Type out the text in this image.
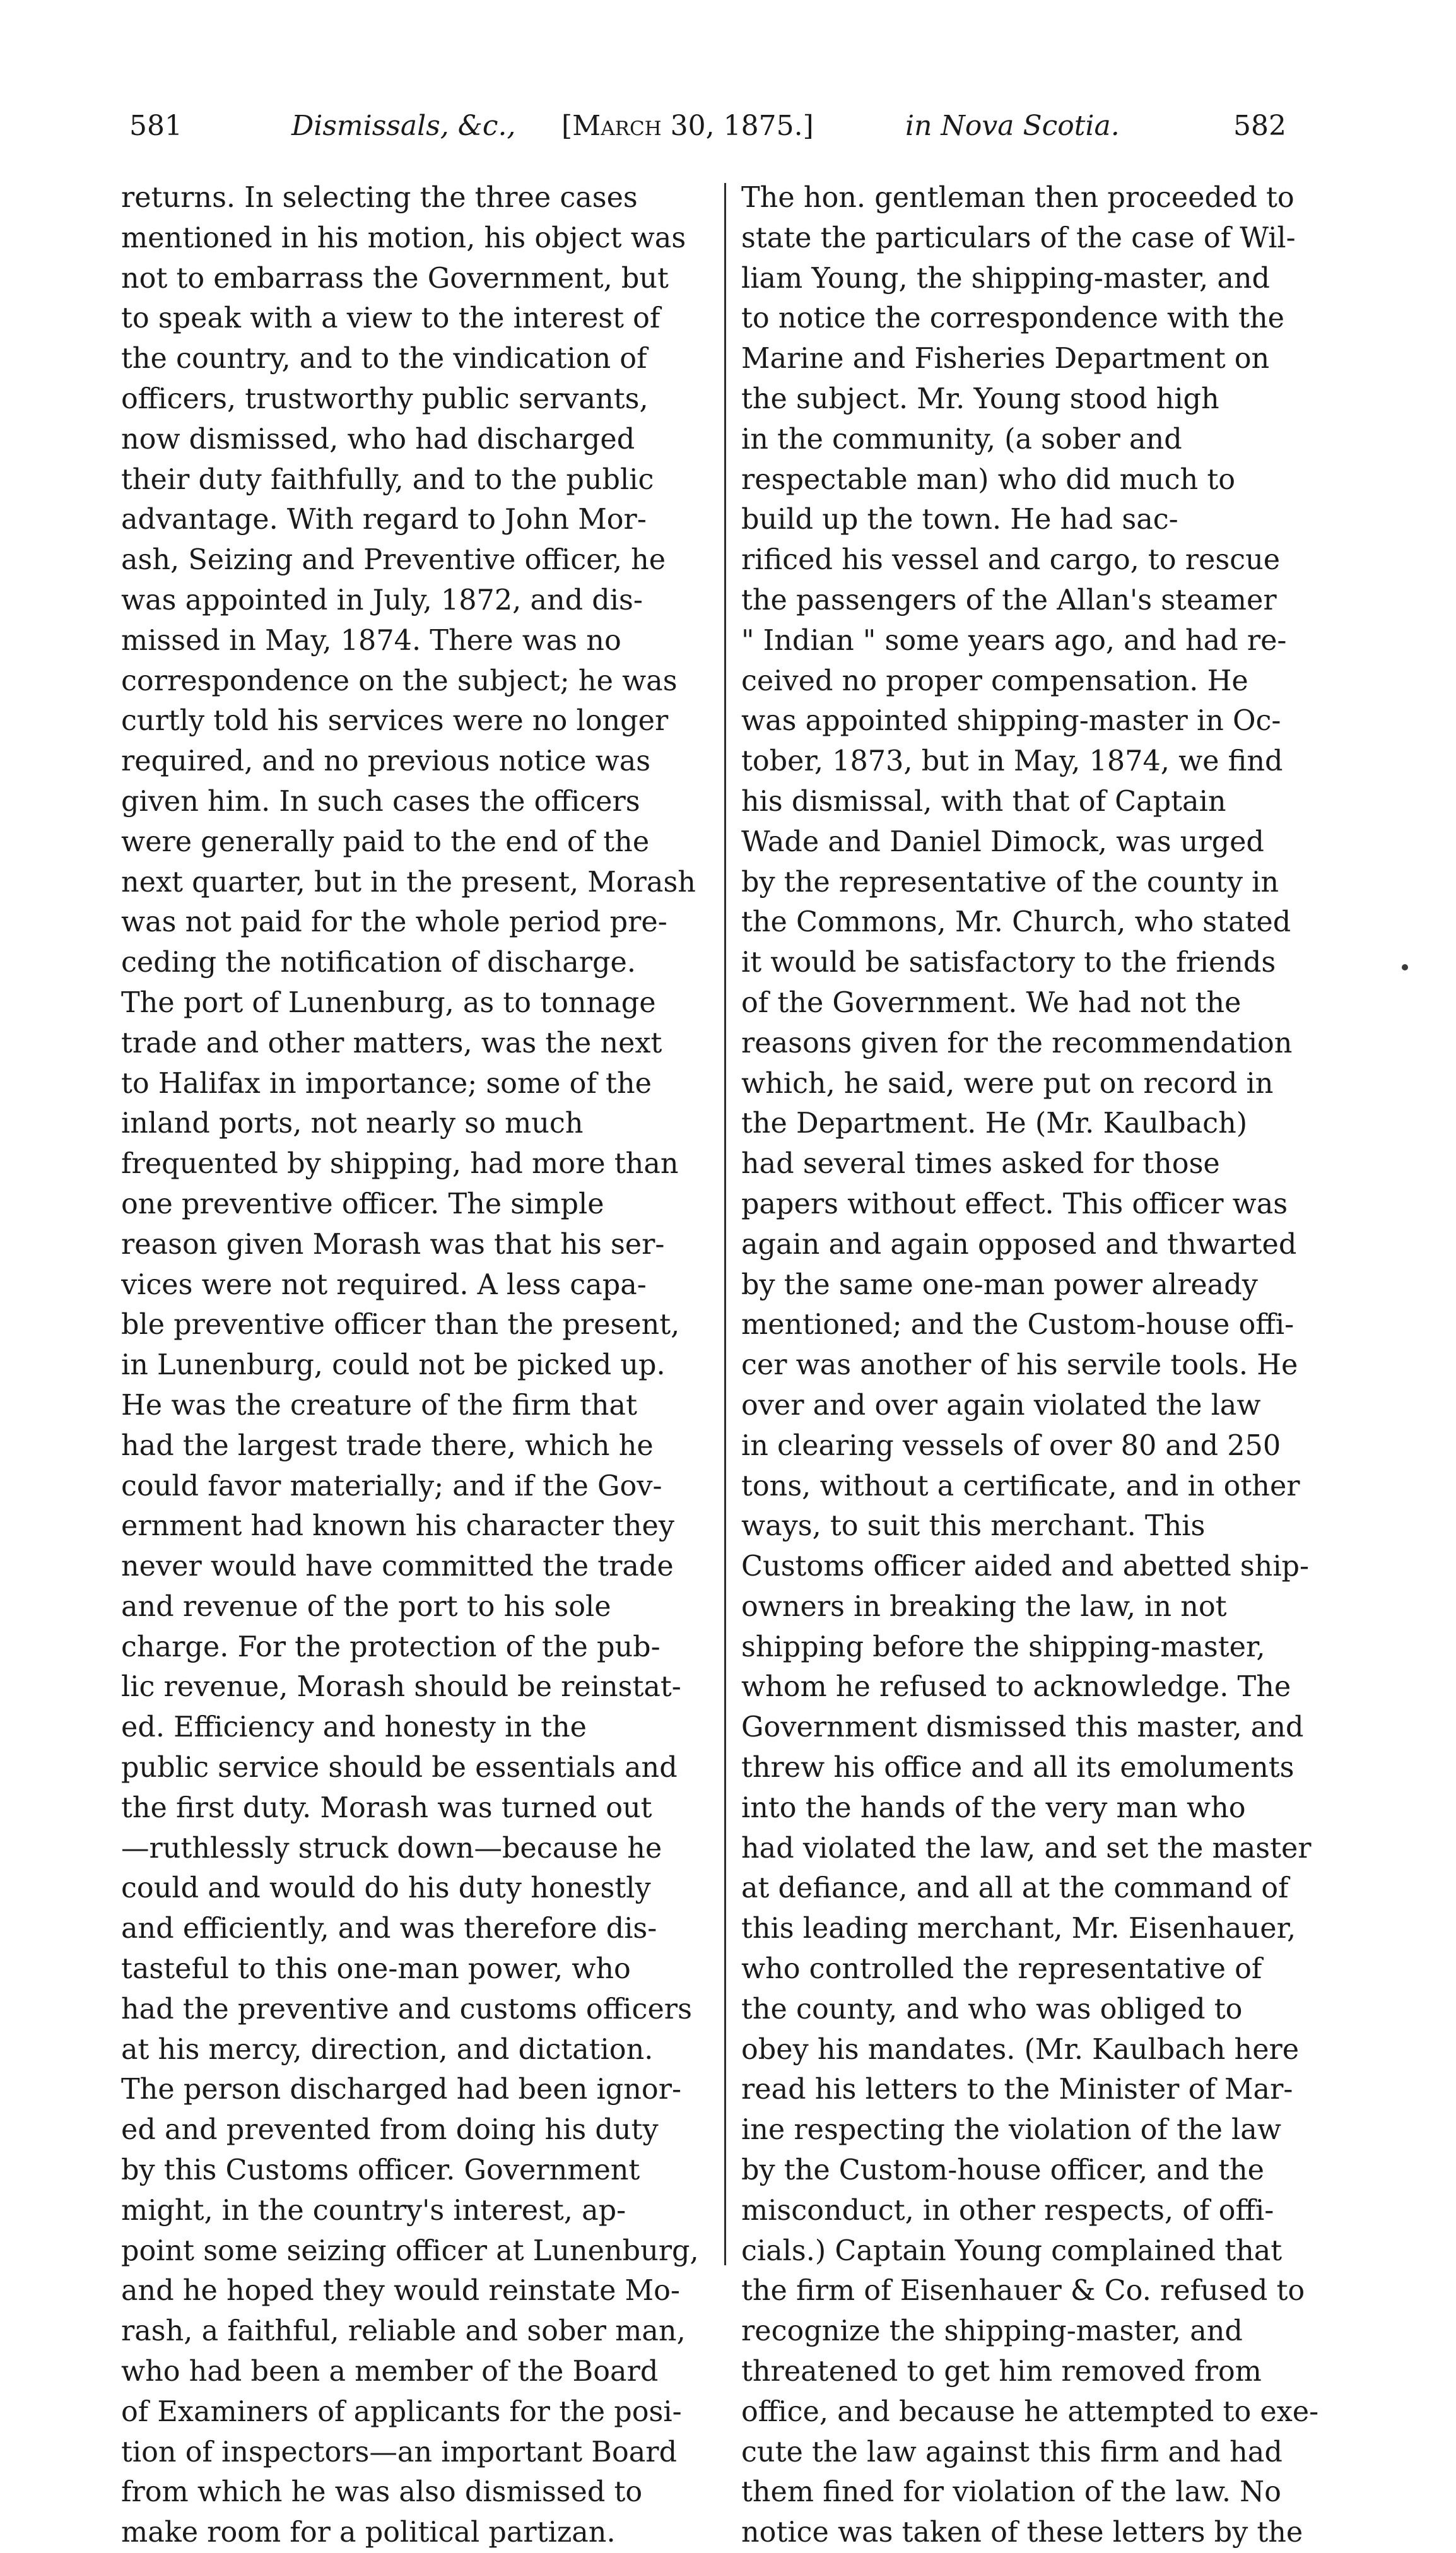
581	Dismissals, &c., [March 30, 1875.]	in Nova Scotia.	582
returns. In selecting the three cases
mentioned in his motion, his object was
not to embarrass the Government, but
to speak with a view to the interest of
the country, and to the vindication of
officers, trustworthy public servants,
now dismissed, who had discharged
their duty faithfully, and to the public
advantage. With regard to John Mor-
ash, Seizing and Preventive officer, he
was appointed in July, 1872, and dis-
missed in May, 1874. There was no
correspondence on the subject; he was
curtly told his services were no longer
required, and no previous notice was
given him. In such cases the officers
were generally paid to the end of the
next quarter, but in the present, Morash
was not paid for the whole period pre-
ceding the notification of discharge.
The port of Lunenburg, as to tonnage
trade and other matters, was the next
to Halifax in importance; some of the
inland ports, not nearly so much
frequented by shipping, had more than
one preventive officer. The simple
reason given Morash was that his ser-
vices were not required. A less capa-
ble preventive officer than the present,
in Lunenburg, could not be picked up.
He was the creature of the firm that
had the largest trade there, which he
could favor materially; and if the Gov-
ernment had known his character they
never would have committed the trade
and revenue of the port to his sole
charge. For the protection of the pub-
lic revenue, Morash should be reinstat-
ed. Efficiency and honesty in the
public service should be essentials and
the first duty. Morash was turned out
—ruthlessly struck down—because he
could and would do his duty honestly
and efficiently, and was therefore dis-
tasteful to this one-man power, who
had the preventive and customs officers
at his mercy, direction, and dictation.
The person discharged had been ignor-
ed and prevented from doing his duty
by this Customs officer. Government
might, in the country's interest, ap-
point some seizing officer at Lunenburg,
and he hoped they would reinstate Mo-
rash, a faithful, reliable and sober man,
who had been a member of the Board
of Examiners of applicants for the posi-
tion of inspectors—an important Board
from which he was also dismissed to
make room for a political partizan.
The hon. gentleman then proceeded to
state the particulars of the case of Wil-
liam Young, the shipping-master, and
to notice the correspondence with the
Marine and Fisheries Department on
the subject. Mr. Young stood high
in the community, (a sober and
respectable man) who did much to
build up the town. He had sac-
rificed his vessel and cargo, to rescue
the passengers of the Allan's steamer
" Indian " some years ago, and had re-
ceived no proper compensation. He
was appointed shipping-master in Oc-
tober, 1873, but in May, 1874, we find
his dismissal, with that of Captain
Wade and Daniel Dimock, was urged
by the representative of the county in
the Commons, Mr. Church, who stated
it would be satisfactory to the friends
of the Government. We had not the
reasons given for the recommendation
which, he said, were put on record in
the Department. He (Mr. Kaulbach)
had several times asked for those
papers without effect. This officer was
again and again opposed and thwarted
by the same one-man power already
mentioned; and the Custom-house offi-
cer was another of his servile tools. He
over and over again violated the law
in clearing vessels of over 80 and 250
tons, without a certificate, and in other
ways, to suit this merchant. This
Customs officer aided and abetted ship-
owners in breaking the law, in not
shipping before the shipping-master,
whom he refused to acknowledge. The
Government dismissed this master, and
threw his office and all its emoluments
into the hands of the very man who
had violated the law, and set the master
at defiance, and all at the command of
this leading merchant, Mr. Eisenhauer,
who controlled the representative of
the county, and who was obliged to
obey his mandates. (Mr. Kaulbach here
read his letters to the Minister of Mar-
ine respecting the violation of the law
by the Custom-house officer, and the
misconduct, in other respects, of offi-
cials.) Captain Young complained that
the firm of Eisenhauer & Co. refused to
recognize the shipping-master, and
threatened to get him removed from
office, and because he attempted to exe-
cute the law against this firm and had
them fined for violation of the law. No
notice was taken of these letters by the
